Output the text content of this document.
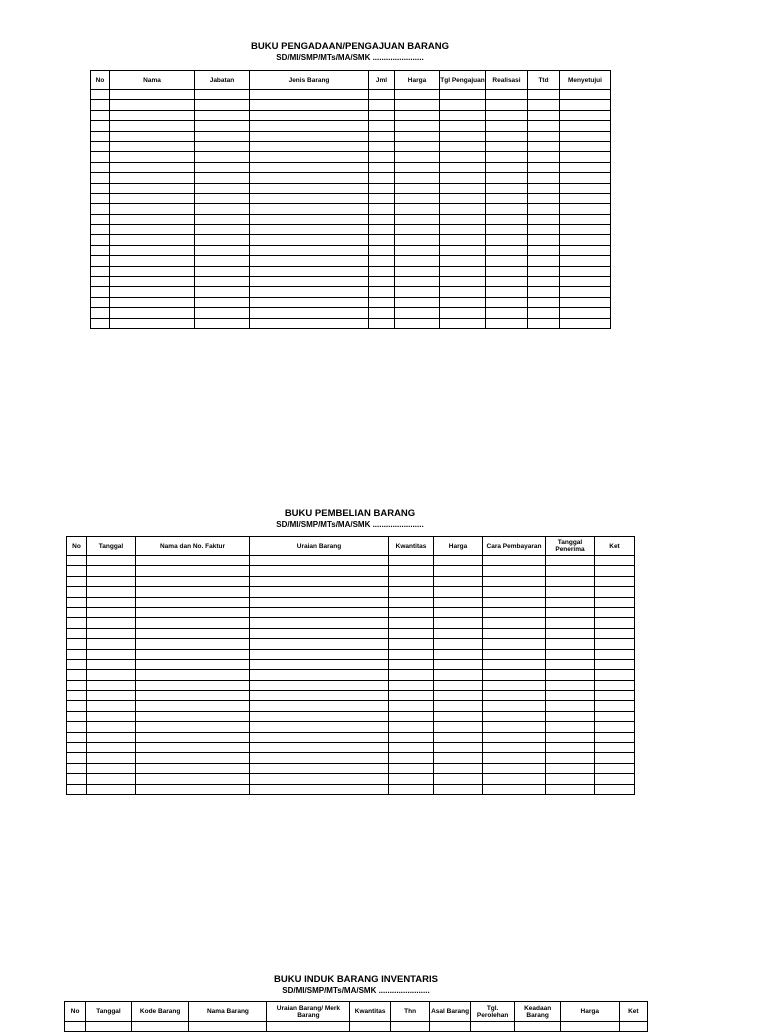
BUKU PENGADAAN/PENGAJUAN BARANG
SD/MI/SMP/MTs/MA/SMK .......................
No	Nama	Jabatan	Jenis Barang	Jml	Harga	Tgl Pengajuan	Realisasi	Ttd	Menyetujui

BUKU PEMBELIAN BARANG
SD/MI/SMP/MTs/MA/SMK .......................
No	Tanggal	Nama dan No. Faktur	Uraian Barang	Kwantitas	Harga	Cara Pembayaran	Tanggal Penerima	Ket

BUKU INDUK BARANG INVENTARIS
SD/MI/SMP/MTs/MA/SMK .......................
No	Tanggal	Kode Barang	Nama Barang	Uraian Barang/ Merk Barang	Kwantitas	Thn	Asal Barang	Tgl. Perolehan	Keadaan Barang	Harga	Ket
